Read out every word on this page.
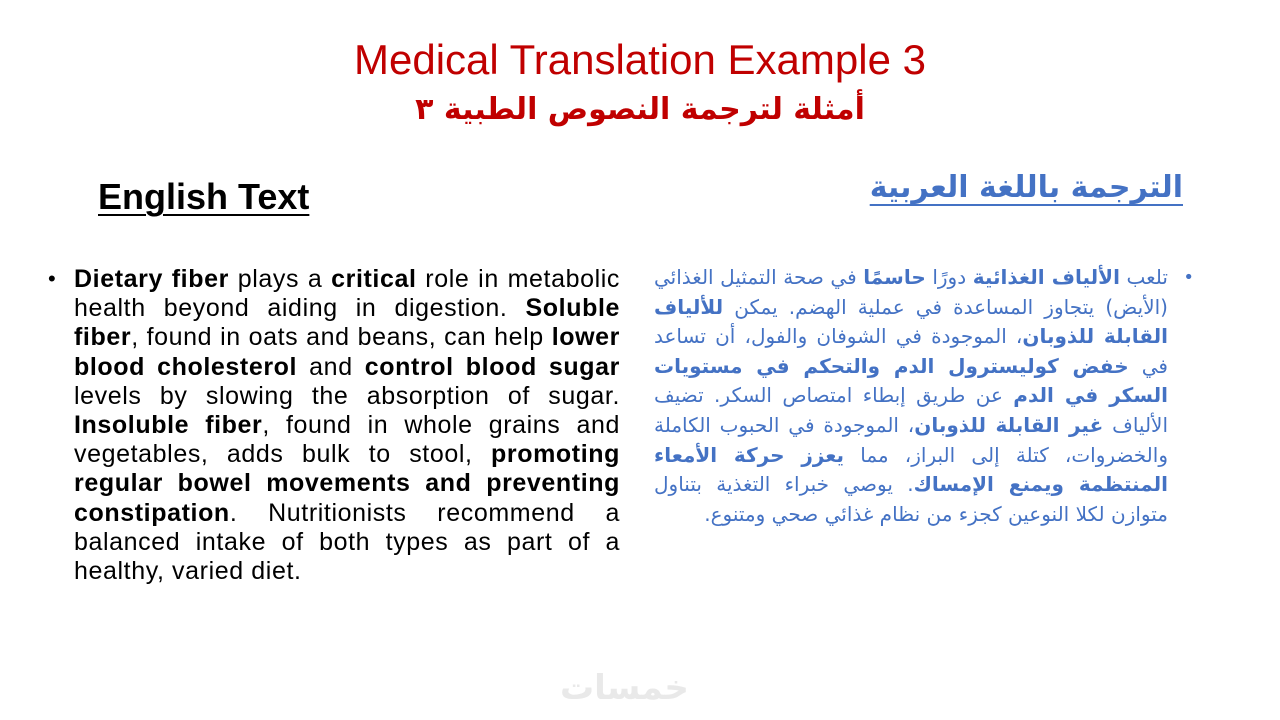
Medical Translation Example 3
أمثلة لترجمة النصوص الطبية ٣
English Text	الترجمة باللغة العربية
• Dietary fiber plays a critical role in metabolic health beyond aiding in digestion. Soluble fiber, found in oats and beans, can help lower blood cholesterol and control blood sugar levels by slowing the absorption of sugar. Insoluble fiber, found in whole grains and vegetables, adds bulk to stool, promoting regular bowel movements and preventing constipation. Nutritionists recommend a balanced intake of both types as part of a healthy, varied diet.
•
تلعب الألياف الغذائية دورًا حاسمًا في صحة التمثيل الغذائي (الأيض) يتجاوز المساعدة في عملية الهضم. يمكن للألياف القابلة للذوبان، الموجودة في الشوفان والفول، أن تساعد في خفض كوليسترول الدم والتحكم في مستويات السكر في الدم عن طريق إبطاء امتصاص السكر. تضيف الألياف غير القابلة للذوبان، الموجودة في الحبوب الكاملة والخضروات، كتلة إلى البراز، مما يعزز حركة الأمعاء المنتظمة ويمنع الإمساك. يوصي خبراء التغذية بتناول متوازن لكلا النوعين كجزء من نظام غذائي صحي ومتنوع.
خمسات
